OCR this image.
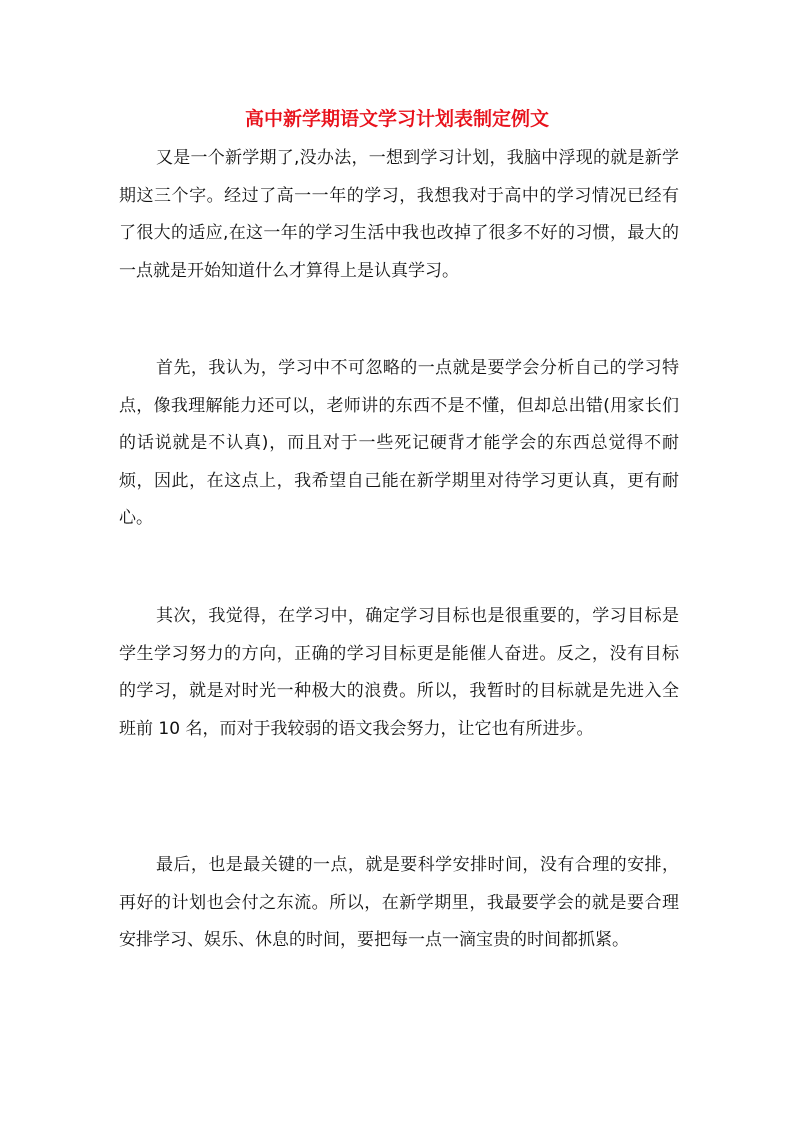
高中新学期语文学习计划表制定例文

又是一个新学期了,没办法，一想到学习计划，我脑中浮现的就是新学期这三个字。经过了高一一年的学习，我想我对于高中的学习情况已经有了很大的适应,在这一年的学习生活中我也改掉了很多不好的习惯，最大的一点就是开始知道什么才算得上是认真学习。

首先，我认为，学习中不可忽略的一点就是要学会分析自己的学习特点，像我理解能力还可以，老师讲的东西不是不懂，但却总出错(用家长们的话说就是不认真)，而且对于一些死记硬背才能学会的东西总觉得不耐烦，因此，在这点上，我希望自己能在新学期里对待学习更认真，更有耐心。

其次，我觉得，在学习中，确定学习目标也是很重要的，学习目标是学生学习努力的方向，正确的学习目标更是能催人奋进。反之，没有目标的学习，就是对时光一种极大的浪费。所以，我暂时的目标就是先进入全班前 10 名，而对于我较弱的语文我会努力，让它也有所进步。

最后，也是最关键的一点，就是要科学安排时间，没有合理的安排，再好的计划也会付之东流。所以，在新学期里，我最要学会的就是要合理安排学习、娱乐、休息的时间，要把每一点一滴宝贵的时间都抓紧。
